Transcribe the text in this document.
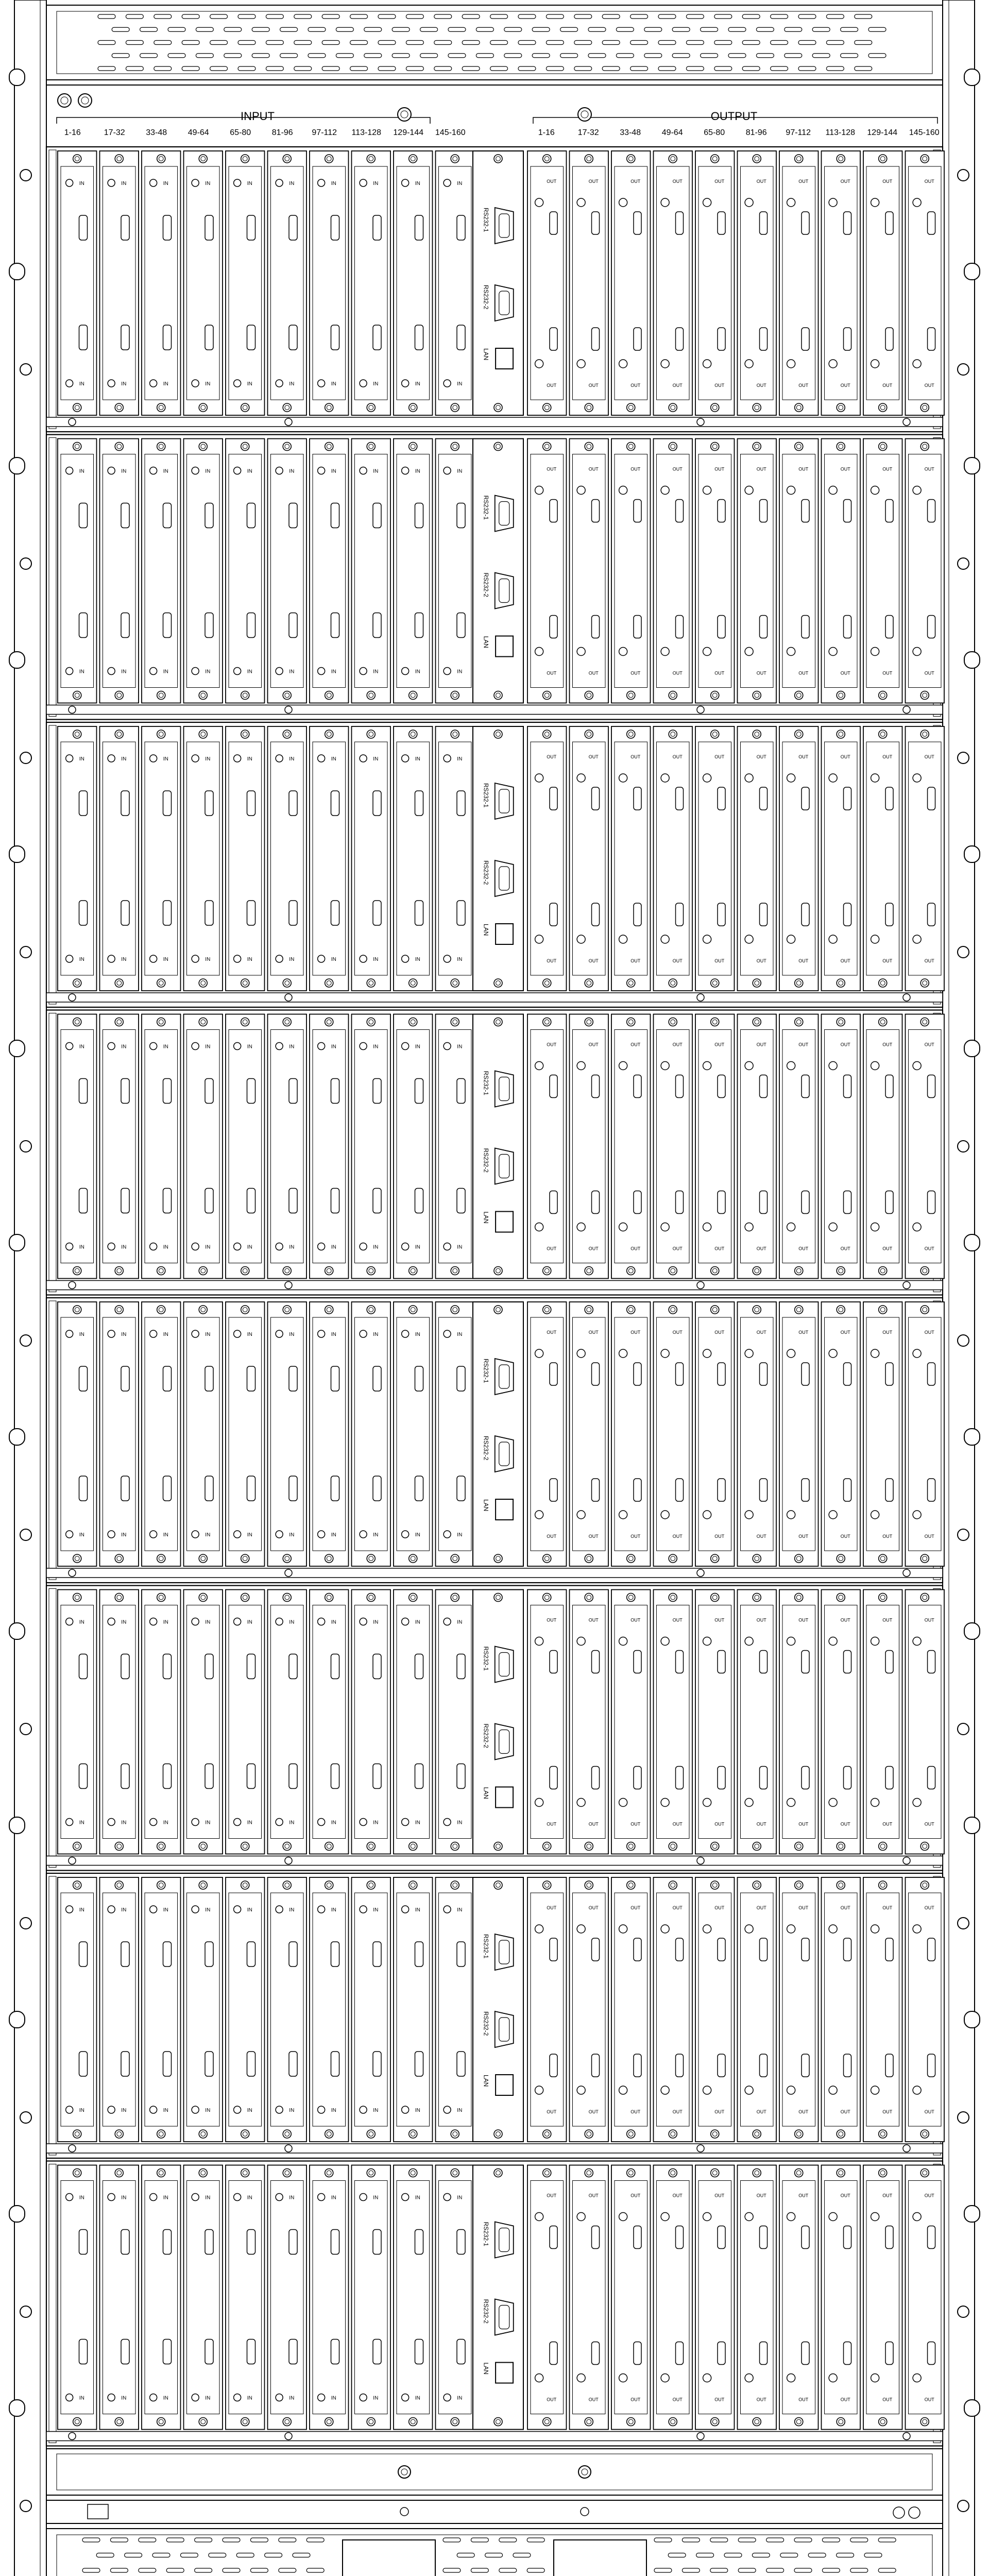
INPUT	OUTPUT
1-16	17-32	33-48	49-64	65-80	81-96 97-112 113-128 129-144 145-160	1-16	17-32	33-48	49-64	65-80	81-96 97-112 113-128 129-144 145-160
IN
IN
IN
IN
IN
IN
IN
IN
IN
IN
IN
IN
IN
IN
IN
IN
IN
IN
IN
IN
RS232-1
RS232-2
LAN
OUT
OUT
OUT
OUT
OUT
OUT
OUT
OUT
OUT
OUT
OUT
OUT
OUT
OUT
OUT
OUT
OUT
OUT
OUT
OUT
IN
IN
IN
IN
IN
IN
IN
IN
IN
IN
IN
IN
IN
IN
IN
IN
IN
IN
IN
IN
RS232-1
RS232-2
LAN
OUT
OUT
OUT
OUT
OUT
OUT
OUT
OUT
OUT
OUT
OUT
OUT
OUT
OUT
OUT
OUT
OUT
OUT
OUT
OUT
IN
IN
IN
IN
IN
IN
IN
IN
IN
IN
IN
IN
IN
IN
IN
IN
IN
IN
IN
IN
RS232-1
RS232-2
LAN
OUT
OUT
OUT
OUT
OUT
OUT
OUT
OUT
OUT
OUT
OUT
OUT
OUT
OUT
OUT
OUT
OUT
OUT
OUT
OUT
IN
IN
IN
IN
IN
IN
IN
IN
IN
IN
IN
IN
IN
IN
IN
IN
IN
IN
IN
IN
RS232-1
RS232-2
LAN
OUT
OUT
OUT
OUT
OUT
OUT
OUT
OUT
OUT
OUT
OUT
OUT
OUT
OUT
OUT
OUT
OUT
OUT
OUT
OUT
IN
IN
IN
IN
IN
IN
IN
IN
IN
IN
IN
IN
IN
IN
IN
IN
IN
IN
IN
IN
RS232-1
RS232-2
LAN
OUT
OUT
OUT
OUT
OUT
OUT
OUT
OUT
OUT
OUT
OUT
OUT
OUT
OUT
OUT
OUT
OUT
OUT
OUT
OUT
IN
IN
IN
IN
IN
IN
IN
IN
IN
IN
IN
IN
IN
IN
IN
IN
IN
IN
IN
IN
RS232-1
RS232-2
LAN
OUT
OUT
OUT
OUT
OUT
OUT
OUT
OUT
OUT
OUT
OUT
OUT
OUT
OUT
OUT
OUT
OUT
OUT
OUT
OUT
IN
IN
IN
IN
IN
IN
IN
IN
IN
IN
IN
IN
IN
IN
IN
IN
IN
IN
IN
IN
RS232-1
RS232-2
LAN
OUT
OUT
OUT
OUT
OUT
OUT
OUT
OUT
OUT
OUT
OUT
OUT
OUT
OUT
OUT
OUT
OUT
OUT
OUT
OUT
IN
IN
IN
IN
IN
IN
IN
IN
IN
IN
IN
IN
IN
IN
IN
IN
IN
IN
IN
IN
RS232-1
RS232-2
LAN
OUT
OUT
OUT
OUT
OUT
OUT
OUT
OUT
OUT
OUT
OUT
OUT
OUT
OUT
OUT
OUT
OUT
OUT
OUT
OUT
